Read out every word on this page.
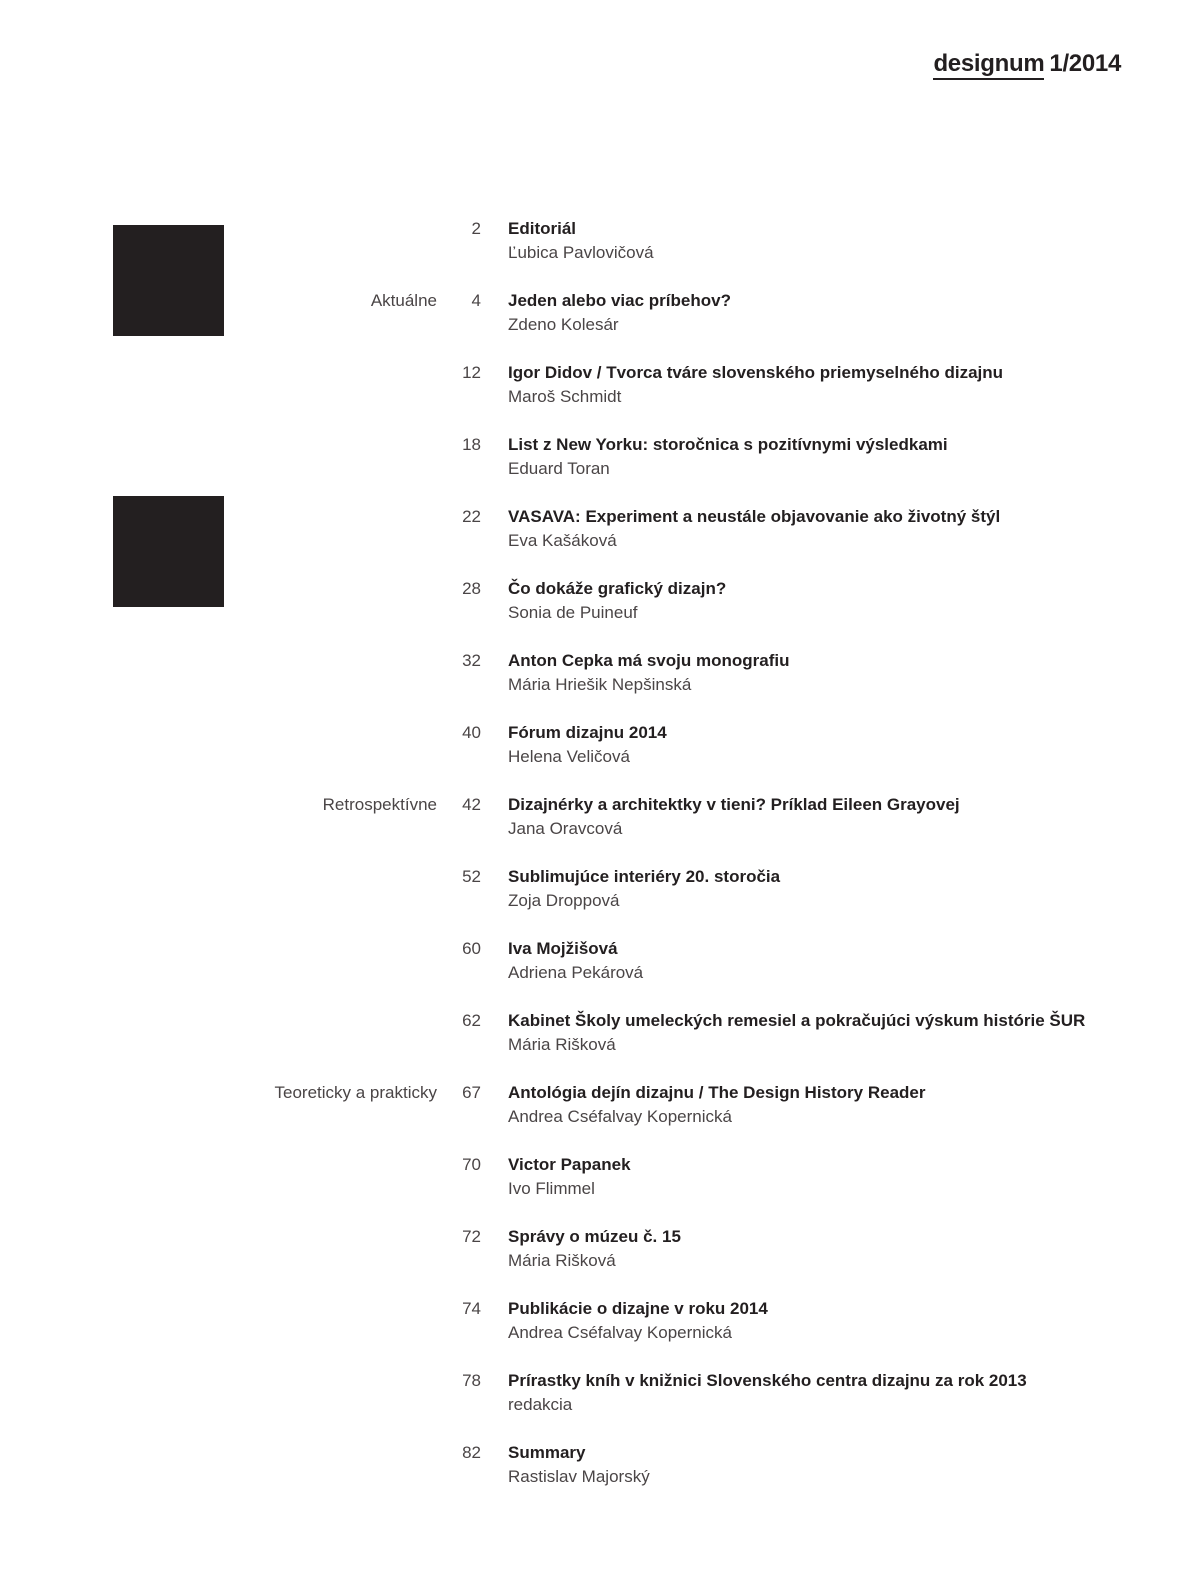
designum 1/2014
2 Editoriál
Ľubica Pavlovičová
Aktuálne 4 Jeden alebo viac príbehov?
Zdeno Kolesár
12 Igor Didov / Tvorca tváre slovenského priemyselného dizajnu
Maroš Schmidt
18 List z New Yorku: storočnica s pozitívnymi výsledkami
Eduard Toran
22 VASAVA: Experiment a neustále objavovanie ako životný štýl
Eva Kašáková
28 Čo dokáže grafický dizajn?
Sonia de Puineuf
32 Anton Cepka má svoju monografiu
Mária Hriešik Nepšinská
40 Fórum dizajnu 2014
Helena Veličová
Retrospektívne 42 Dizajnérky a architektky v tieni? Príklad Eileen Grayovej
Jana Oravcová
52 Sublimujúce interiéry 20. storočia
Zoja Droppová
60 Iva Mojžišová
Adriena Pekárová
62 Kabinet Školy umeleckých remesiel a pokračujúci výskum histórie ŠUR
Mária Rišková
Teoreticky a prakticky 67 Antológia dejín dizajnu / The Design History Reader
Andrea Cséfalvay Kopernická
70 Victor Papanek
Ivo Flimmel
72 Správy o múzeu č. 15
Mária Rišková
74 Publikácie o dizajne v roku 2014
Andrea Cséfalvay Kopernická
78 Prírastky kníh v knižnici Slovenského centra dizajnu za rok 2013
redakcia
82 Summary
Rastislav Majorský
